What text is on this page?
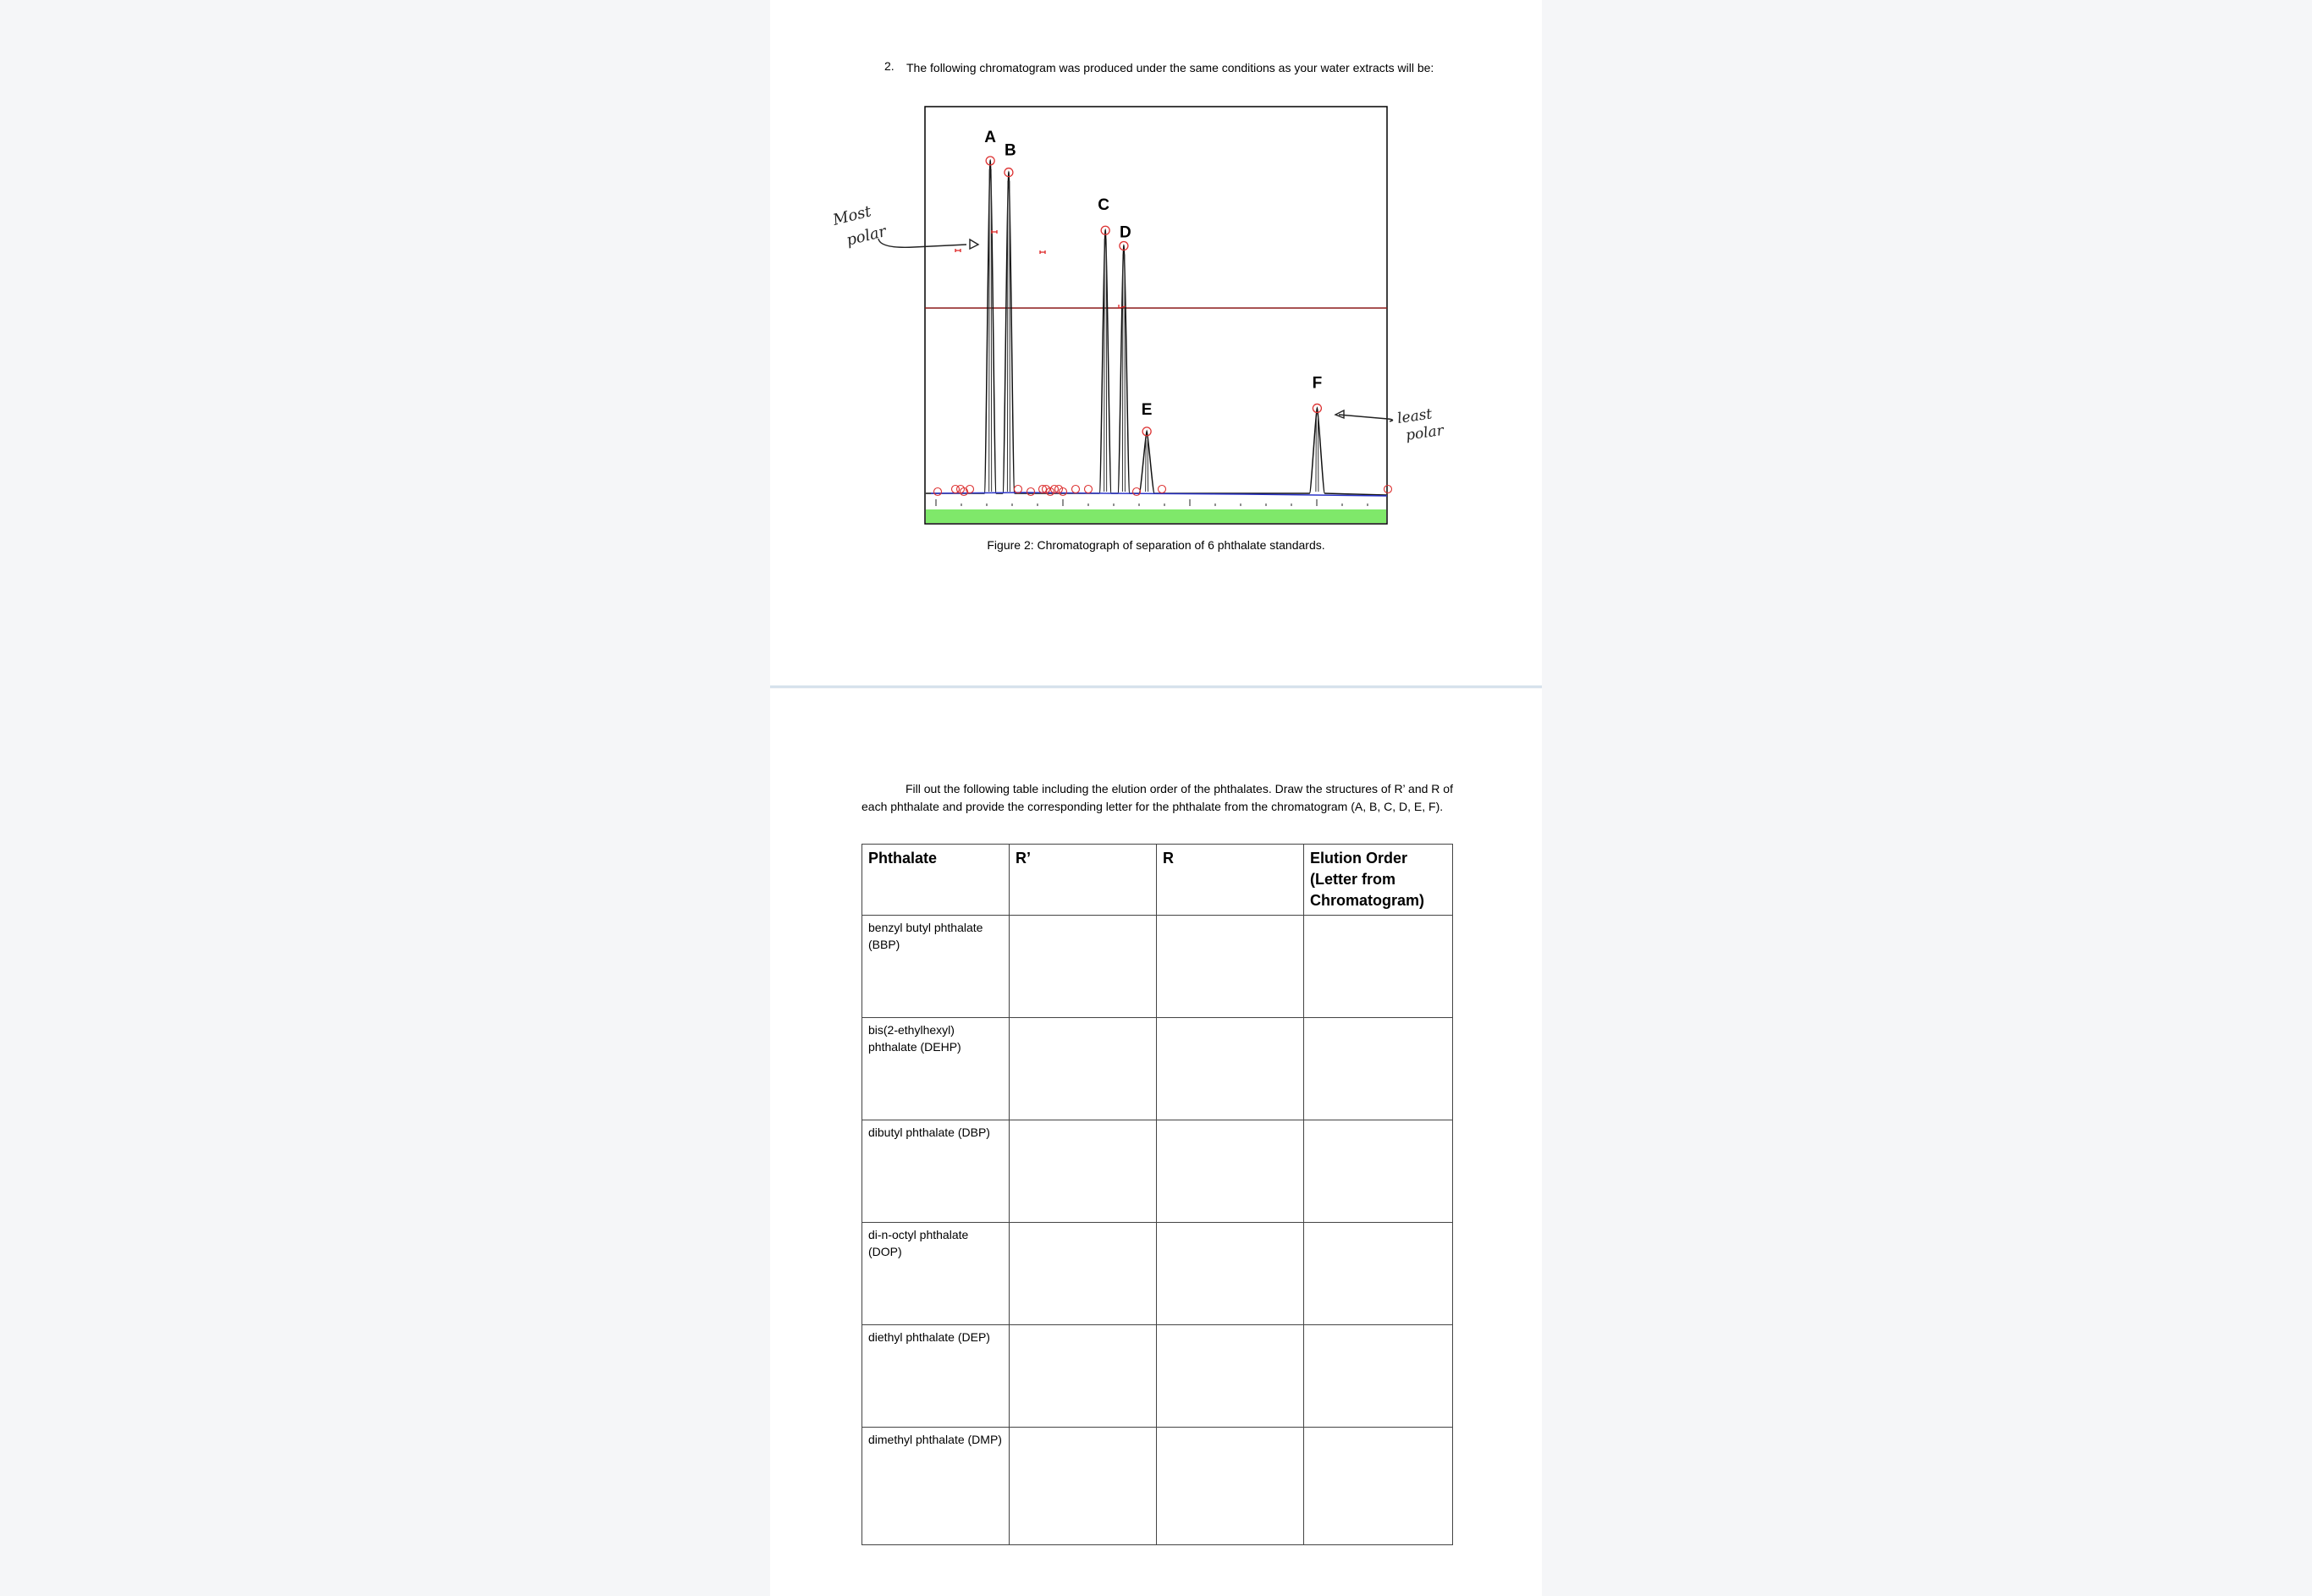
2. The following chromatogram was produced under the same conditions as your water extracts will be:
A
B
C
D
E
F
Most
polar
least
polar
Figure 2: Chromatograph of separation of 6 phthalate standards.
Fill out the following table including the elution order of the phthalates. Draw the structures of R’ and R of each phthalate and provide the corresponding letter for the phthalate from the chromatogram (A, B, C, D, E, F).
Phthalate	R’	R	Elution Order (Letter from Chromatogram)
benzyl butyl phthalate (BBP)			
bis(2-ethylhexyl) phthalate (DEHP)			
dibutyl phthalate (DBP)			
di-n-octyl phthalate (DOP)			
diethyl phthalate (DEP)			
dimethyl phthalate (DMP)			
